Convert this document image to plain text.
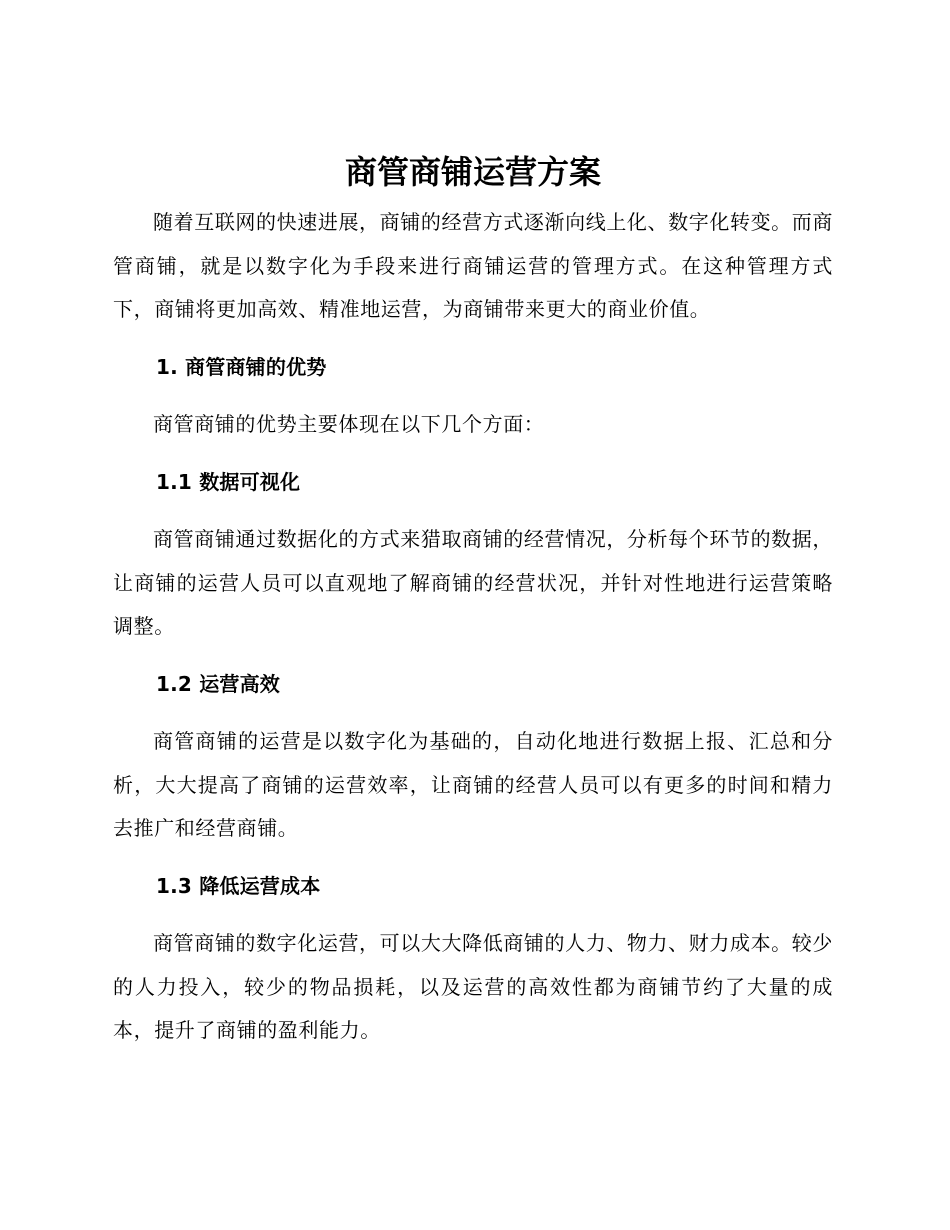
商管商铺运营方案

随着互联网的快速进展，商铺的经营方式逐渐向线上化、数字化转变。而商管商铺，就是以数字化为手段来进行商铺运营的管理方式。在这种管理方式下，商铺将更加高效、精准地运营，为商铺带来更大的商业价值。

1. 商管商铺的优势

商管商铺的优势主要体现在以下几个方面：

1.1 数据可视化

商管商铺通过数据化的方式来猎取商铺的经营情况，分析每个环节的数据，让商铺的运营人员可以直观地了解商铺的经营状况，并针对性地进行运营策略调整。

1.2 运营高效

商管商铺的运营是以数字化为基础的，自动化地进行数据上报、汇总和分析，大大提高了商铺的运营效率，让商铺的经营人员可以有更多的时间和精力去推广和经营商铺。

1.3 降低运营成本

商管商铺的数字化运营，可以大大降低商铺的人力、物力、财力成本。较少的人力投入，较少的物品损耗，以及运营的高效性都为商铺节约了大量的成本，提升了商铺的盈利能力。
